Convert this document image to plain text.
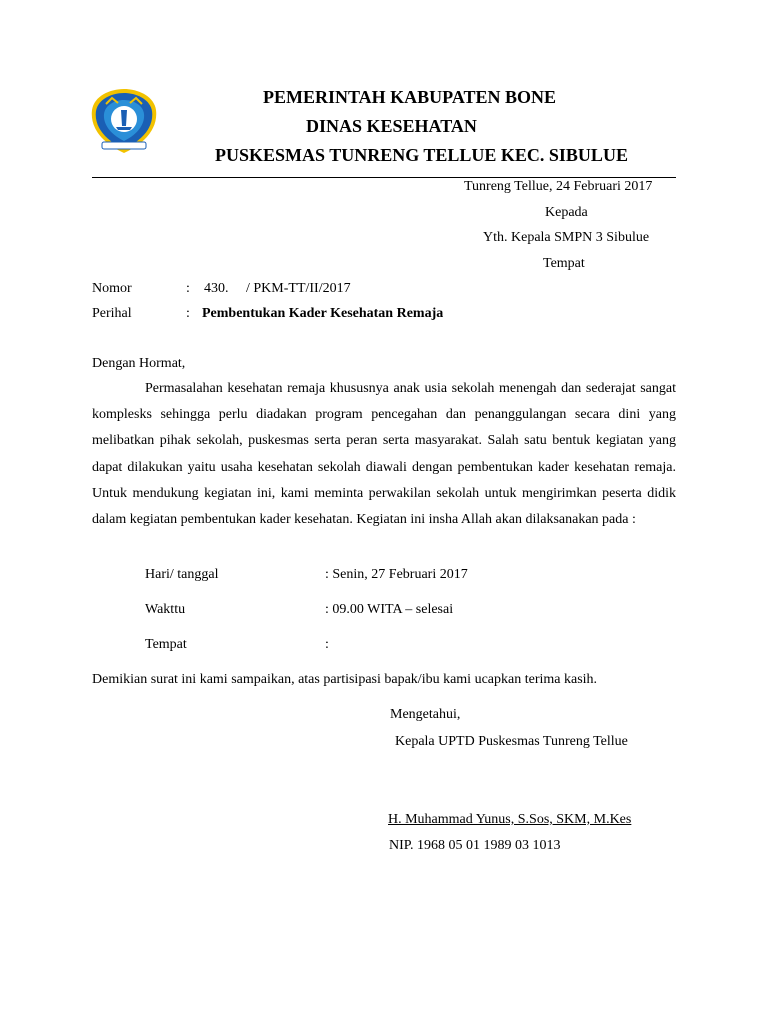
PEMERINTAH KABUPATEN BONE
DINAS KESEHATAN
PUSKESMAS TUNRENG TELLUE KEC. SIBULUE
Tunreng Tellue, 24 Februari 2017
Kepada
Yth. Kepala SMPN 3 Sibulue
Tempat
Nomor	: 430.     / PKM-TT/II/2017
Perihal	: Pembentukan Kader Kesehatan Remaja
Dengan Hormat,
Permasalahan kesehatan remaja khususnya anak usia sekolah menengah dan sederajat sangat komplesks sehingga perlu diadakan program pencegahan dan penanggulangan secara dini yang melibatkan pihak sekolah, puskesmas serta peran serta masyarakat. Salah satu bentuk kegiatan yang dapat dilakukan yaitu usaha kesehatan sekolah diawali dengan pembentukan kader kesehatan remaja. Untuk mendukung kegiatan ini, kami meminta perwakilan sekolah untuk mengirimkan peserta didik dalam kegiatan pembentukan kader kesehatan. Kegiatan ini insha Allah akan dilaksanakan pada :
Hari/ tanggal	: Senin, 27 Februari 2017
Wakttu	: 09.00 WITA – selesai
Tempat	:
Demikian surat ini kami sampaikan, atas partisipasi bapak/ibu kami ucapkan terima kasih.
Mengetahui,
Kepala UPTD Puskesmas Tunreng Tellue
H. Muhammad Yunus, S.Sos, SKM, M.Kes
NIP. 1968 05 01 1989 03 1013
